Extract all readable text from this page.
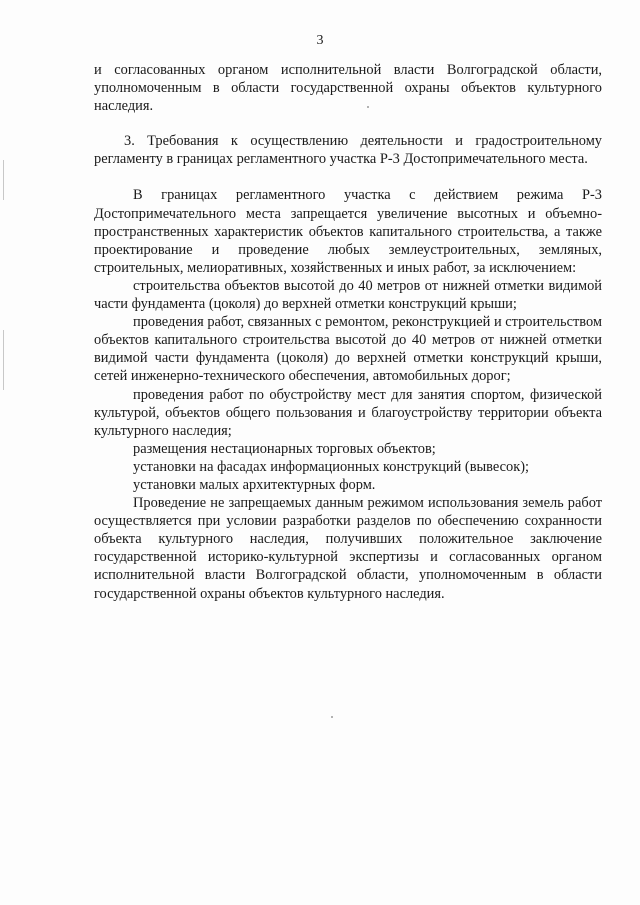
3

и согласованных органом исполнительной власти Волгоградской области, уполномоченным в области государственной охраны объектов культурного наследия.

3. Требования к осуществлению деятельности и градостроительному регламенту в границах регламентного участка Р-3 Достопримечательного места.

В границах регламентного участка с действием режима Р-3 Достопримечательного места запрещается увеличение высотных и объемно-пространственных характеристик объектов капитального строительства, а также проектирование и проведение любых землеустроительных, земляных, строительных, мелиоративных, хозяйственных и иных работ, за исключением:

строительства объектов высотой до 40 метров от нижней отметки видимой части фундамента (цоколя) до верхней отметки конструкций крыши;

проведения работ, связанных с ремонтом, реконструкцией и строительством объектов капитального строительства высотой до 40 метров от нижней отметки видимой части фундамента (цоколя) до верхней отметки конструкций крыши, сетей инженерно-технического обеспечения, автомобильных дорог;

проведения работ по обустройству мест для занятия спортом, физической культурой, объектов общего пользования и благоустройству территории объекта культурного наследия;

размещения нестационарных торговых объектов;

установки на фасадах информационных конструкций (вывесок);

установки малых архитектурных форм.

Проведение не запрещаемых данным режимом использования земель работ осуществляется при условии разработки разделов по обеспечению сохранности объекта культурного наследия, получивших положительное заключение государственной историко-культурной экспертизы и согласованных органом исполнительной власти Волгоградской области, уполномоченным в области государственной охраны объектов культурного наследия.
